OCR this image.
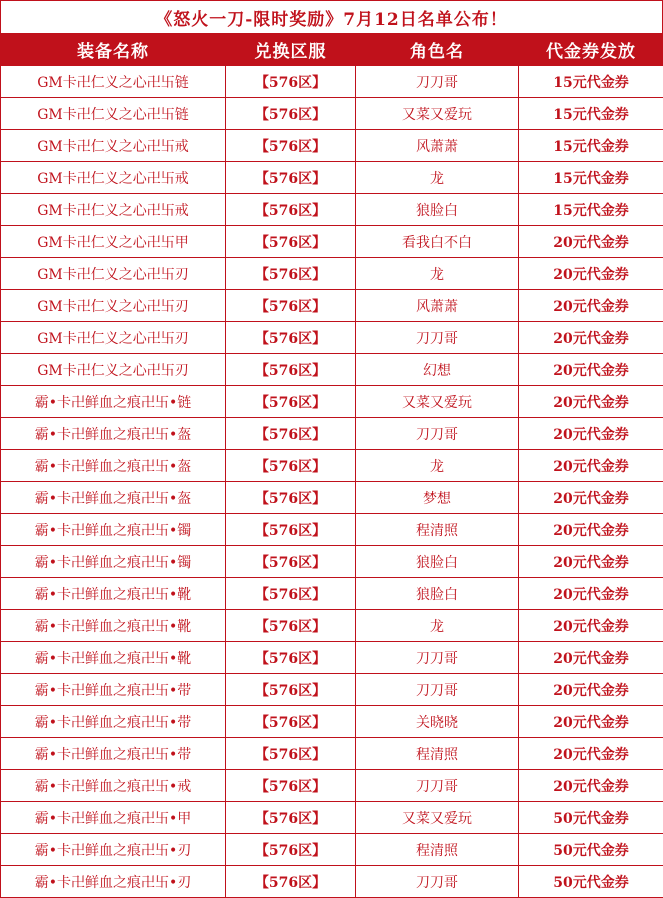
《怒火一刀-限时奖励》7月12日名单公布！
装备名称	兑换区服	角色名	代金券发放
GM卡卍仁义之心卍卐链	【576区】	刀刀哥	15元代金券
GM卡卍仁义之心卍卐链	【576区】	又菜又爱玩	15元代金券
GM卡卍仁义之心卍卐戒	【576区】	风萧萧	15元代金券
GM卡卍仁义之心卍卐戒	【576区】	龙	15元代金券
GM卡卍仁义之心卍卐戒	【576区】	狼脸白	15元代金券
GM卡卍仁义之心卍卐甲	【576区】	看我白不白	20元代金券
GM卡卍仁义之心卍卐刃	【576区】	龙	20元代金券
GM卡卍仁义之心卍卐刃	【576区】	风萧萧	20元代金券
GM卡卍仁义之心卍卐刃	【576区】	刀刀哥	20元代金券
GM卡卍仁义之心卍卐刃	【576区】	幻想	20元代金券
霸•卡卍鲜血之痕卍卐•链	【576区】	又菜又爱玩	20元代金券
霸•卡卍鲜血之痕卍卐•盔	【576区】	刀刀哥	20元代金券
霸•卡卍鲜血之痕卍卐•盔	【576区】	龙	20元代金券
霸•卡卍鲜血之痕卍卐•盔	【576区】	梦想	20元代金券
霸•卡卍鲜血之痕卍卐•镯	【576区】	程清照	20元代金券
霸•卡卍鲜血之痕卍卐•镯	【576区】	狼脸白	20元代金券
霸•卡卍鲜血之痕卍卐•靴	【576区】	狼脸白	20元代金券
霸•卡卍鲜血之痕卍卐•靴	【576区】	龙	20元代金券
霸•卡卍鲜血之痕卍卐•靴	【576区】	刀刀哥	20元代金券
霸•卡卍鲜血之痕卍卐•带	【576区】	刀刀哥	20元代金券
霸•卡卍鲜血之痕卍卐•带	【576区】	关晓晓	20元代金券
霸•卡卍鲜血之痕卍卐•带	【576区】	程清照	20元代金券
霸•卡卍鲜血之痕卍卐•戒	【576区】	刀刀哥	20元代金券
霸•卡卍鲜血之痕卍卐•甲	【576区】	又菜又爱玩	50元代金券
霸•卡卍鲜血之痕卍卐•刃	【576区】	程清照	50元代金券
霸•卡卍鲜血之痕卍卐•刃	【576区】	刀刀哥	50元代金券
